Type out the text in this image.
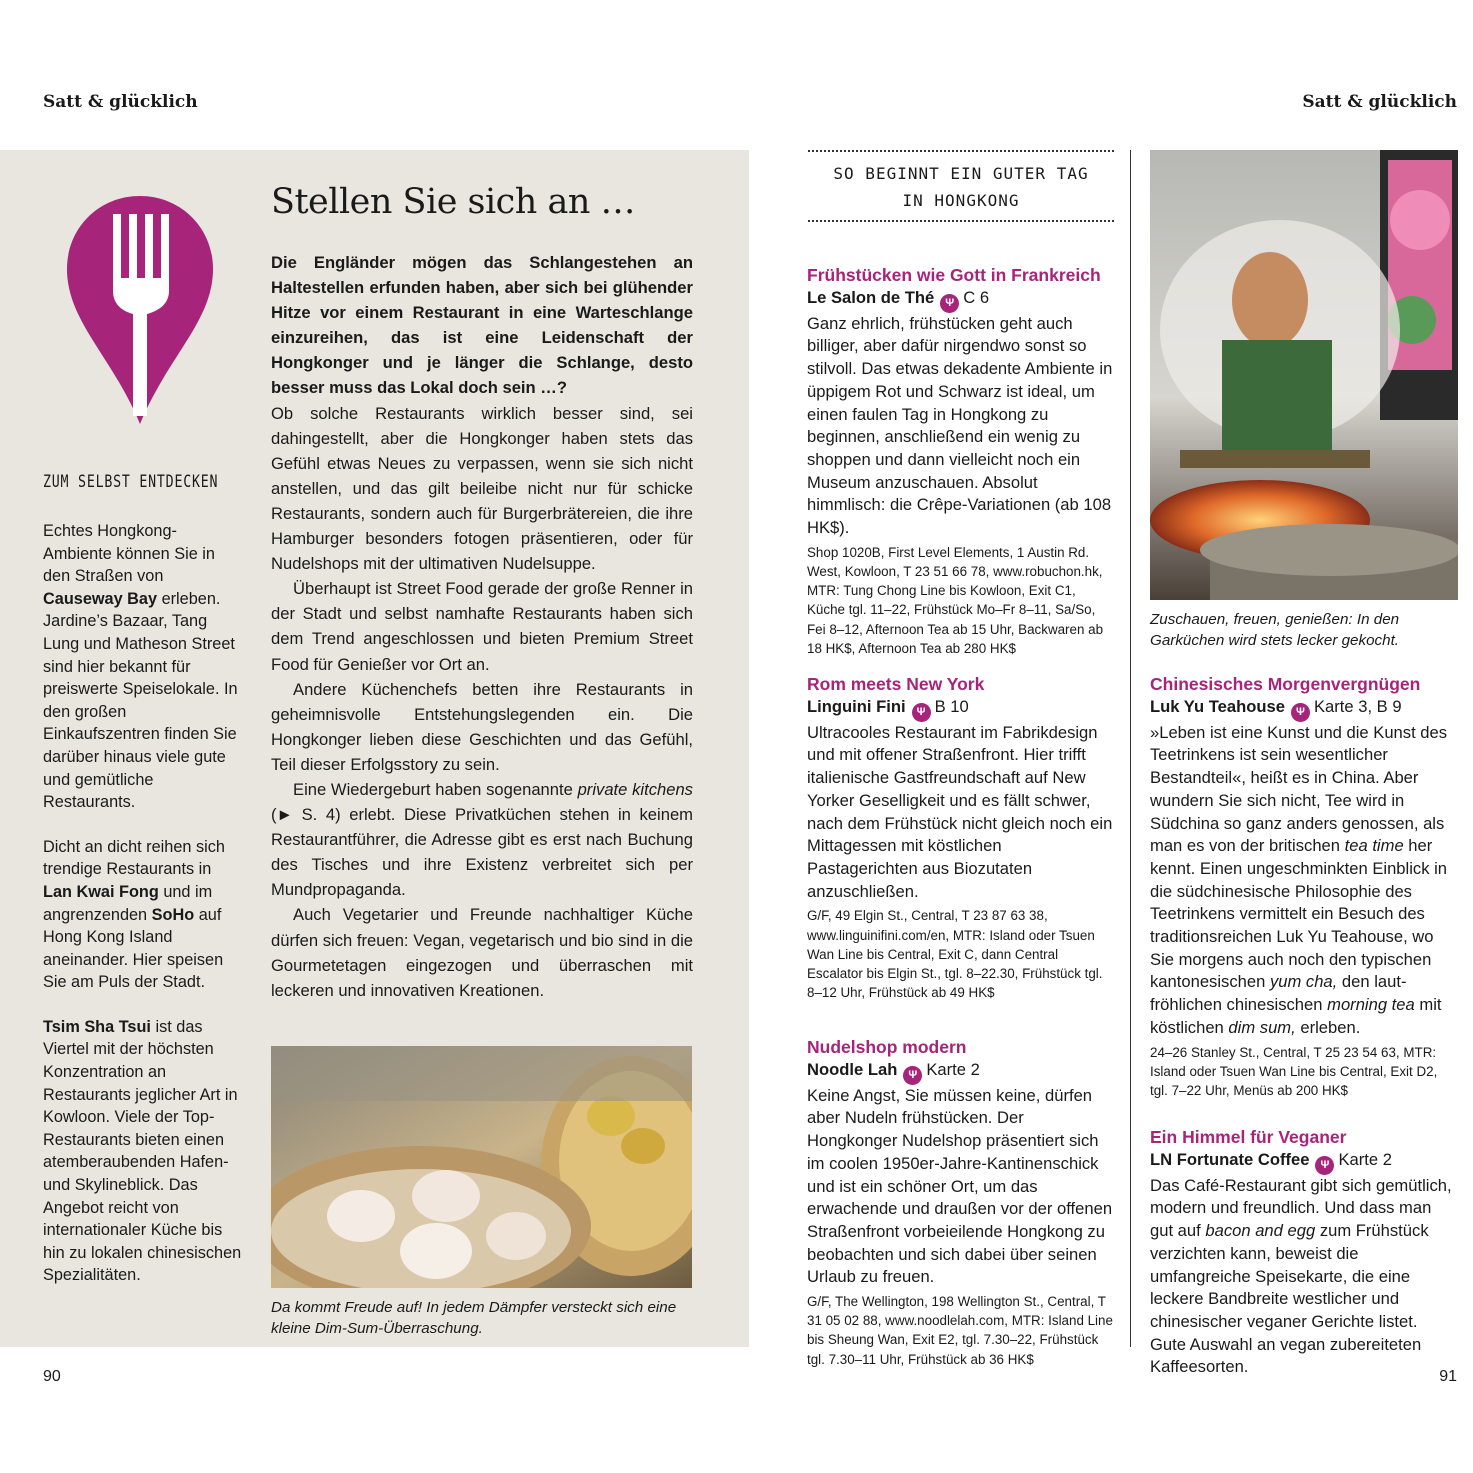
Satt & glücklich	Satt & glücklich
90	91
ZUM SELBST ENTDECKEN

Echtes Hongkong-Ambiente können Sie in den Straßen von Causeway Bay erleben. Jardine’s Bazaar, Tang Lung und Matheson Street sind hier bekannt für preiswerte Speiselokale. In den großen Einkaufszentren finden Sie darüber hinaus viele gute und gemütliche Restaurants.

Dicht an dicht reihen sich trendige Restaurants in Lan Kwai Fong und im angrenzenden SoHo auf Hong Kong Island aneinander. Hier speisen Sie am Puls der Stadt.

Tsim Sha Tsui ist das Viertel mit der höchsten Konzentration an Restaurants jeglicher Art in Kowloon. Viele der Top-Restaurants bieten einen atemberaubenden Hafen- und Skylineblick. Das Angebot reicht von internationaler Küche bis hin zu lokalen chinesischen Spezialitäten.

Stellen Sie sich an …

Die Engländer mögen das Schlangestehen an Haltestellen erfunden haben, aber sich bei glühender Hitze vor einem Restaurant in eine Warteschlange einzureihen, das ist eine Leidenschaft der Hongkonger und je länger die Schlange, desto besser muss das Lokal doch sein …?

Ob solche Restaurants wirklich besser sind, sei dahingestellt, aber die Hongkonger haben stets das Gefühl etwas Neues zu verpassen, wenn sie sich nicht anstellen, und das gilt beileibe nicht nur für schicke Restaurants, sondern auch für Burgerbrätereien, die ihre Hamburger besonders fotogen präsentieren, oder für Nudelshops mit der ultimativen Nudelsuppe.

Überhaupt ist Street Food gerade der große Renner in der Stadt und selbst namhafte Restaurants haben sich dem Trend angeschlossen und bieten Premium Street Food für Genießer vor Ort an.

Andere Küchenchefs betten ihre Restaurants in geheimnisvolle Entstehungslegenden ein. Die Hongkonger lieben diese Geschichten und das Gefühl, Teil dieser Erfolgsstory zu sein.

Eine Wiedergeburt haben sogenannte private kitchens (► S. 4) erlebt. Diese Privatküchen stehen in keinem Restaurantführer, die Adresse gibt es erst nach Buchung des Tisches und ihre Existenz verbreitet sich per Mundpropaganda.

Auch Vegetarier und Freunde nachhaltiger Küche dürfen sich freuen: Vegan, vegetarisch und bio sind in die Gourmetetagen eingezogen und überraschen mit leckeren und innovativen Kreationen.

Da kommt Freude auf! In jedem Dämpfer versteckt sich eine kleine Dim-Sum-Überraschung.
SO BEGINNT EIN GUTER TAG
IN HONGKONG

Frühstücken wie Gott in Frankreich

Le Salon de Thé Ψ C 6

Ganz ehrlich, frühstücken geht auch billiger, aber dafür nirgendwo sonst so stilvoll. Das etwas dekadente Ambiente in üppigem Rot und Schwarz ist ideal, um einen faulen Tag in Hongkong zu beginnen, anschließend ein wenig zu shoppen und dann vielleicht noch ein Museum anzuschauen. Absolut himmlisch: die Crêpe-Variationen (ab 108 HK$).

Shop 1020B, First Level Elements, 1 Austin Rd. West, Kowloon, T 23 51 66 78, www.robuchon.hk, MTR: Tung Chong Line bis Kowloon, Exit C1, Küche tgl. 11–22, Frühstück Mo–Fr 8–11, Sa/So, Fei 8–12, Afternoon Tea ab 15 Uhr, Backwaren ab 18 HK$, Afternoon Tea ab 280 HK$

Rom meets New York

Linguini Fini Ψ B 10

Ultracooles Restaurant im Fabrikdesign und mit offener Straßenfront. Hier trifft italienische Gastfreundschaft auf New Yorker Geselligkeit und es fällt schwer, nach dem Frühstück nicht gleich noch ein Mittagessen mit köstlichen Pastagerichten aus Biozutaten anzuschließen.

G/F, 49 Elgin St., Central, T 23 87 63 38, www.linguinifini.com/en, MTR: Island oder Tsuen Wan Line bis Central, Exit C, dann Central Escalator bis Elgin St., tgl. 8–22.30, Frühstück tgl. 8–12 Uhr, Frühstück ab 49 HK$

Nudelshop modern

Noodle Lah Ψ Karte 2

Keine Angst, Sie müssen keine, dürfen aber Nudeln frühstücken. Der Hongkonger Nudelshop präsentiert sich im coolen 1950er-Jahre-Kantinenschick und ist ein schöner Ort, um das erwachende und draußen vor der offenen Straßenfront vorbeieilende Hongkong zu beobachten und sich dabei über seinen Urlaub zu freuen.

G/F, The Wellington, 198 Wellington St., Central, T 31 05 02 88, www.noodlelah.com, MTR: Island Line bis Sheung Wan, Exit E2, tgl. 7.30–22, Frühstück tgl. 7.30–11 Uhr, Frühstück ab 36 HK$

Zuschauen, freuen, genießen: In den Garküchen wird stets lecker gekocht.

Chinesisches Morgenvergnügen

Luk Yu Teahouse Ψ Karte 3, B 9

»Leben ist eine Kunst und die Kunst des Teetrinkens ist sein wesentlicher Bestandteil«, heißt es in China. Aber wundern Sie sich nicht, Tee wird in Südchina so ganz anders genossen, als man es von der britischen tea time her kennt. Einen ungeschminkten Einblick in die südchinesische Philosophie des Teetrinkens vermittelt ein Besuch des traditionsreichen Luk Yu Teahouse, wo Sie morgens auch noch den typischen kantonesischen yum cha, den laut-fröhlichen chinesischen morning tea mit köstlichen dim sum, erleben.

24–26 Stanley St., Central, T 25 23 54 63, MTR: Island oder Tsuen Wan Line bis Central, Exit D2, tgl. 7–22 Uhr, Menüs ab 200 HK$

Ein Himmel für Veganer

LN Fortunate Coffee Ψ Karte 2

Das Café-Restaurant gibt sich gemütlich, modern und freundlich. Und dass man gut auf bacon and egg zum Frühstück verzichten kann, beweist die umfangreiche Speisekarte, die eine leckere Bandbreite westlicher und chinesischer veganer Gerichte listet. Gute Auswahl an vegan zubereiteten Kaffeesorten.
